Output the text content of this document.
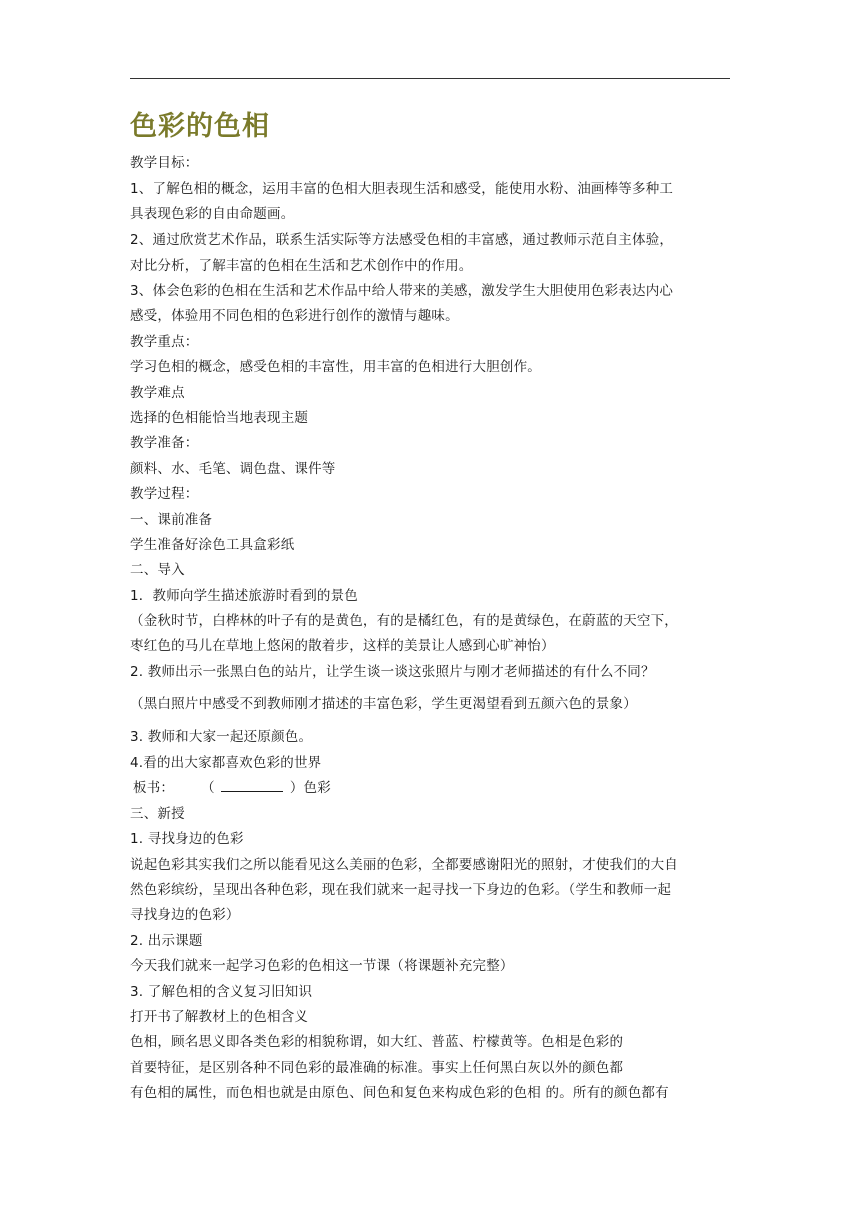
色彩的色相
教学目标：
1、了解色相的概念，运用丰富的色相大胆表现生活和感受，能使用水粉、油画棒等多种工
具表现色彩的自由命题画。
2、通过欣赏艺术作品，联系生活实际等方法感受色相的丰富感，通过教师示范自主体验，
对比分析，了解丰富的色相在生活和艺术创作中的作用。
3、体会色彩的色相在生活和艺术作品中给人带来的美感，激发学生大胆使用色彩表达内心
感受，体验用不同色相的色彩进行创作的激情与趣味。
教学重点：
学习色相的概念，感受色相的丰富性，用丰富的色相进行大胆创作。
教学难点
选择的色相能恰当地表现主题
教学准备：
颜料、水、毛笔、调色盘、课件等
教学过程：
一、课前准备
学生准备好涂色工具盒彩纸
二、导入
1．教师向学生描述旅游时看到的景色
（金秋时节，白桦林的叶子有的是黄色，有的是橘红色，有的是黄绿色，在蔚蓝的天空下，
枣红色的马儿在草地上悠闲的散着步，这样的美景让人感到心旷神怡）
2. 教师出示一张黑白色的站片，让学生谈一谈这张照片与刚才老师描述的有什么不同？
（黑白照片中感受不到教师刚才描述的丰富色彩，学生更渴望看到五颜六色的景象）
3. 教师和大家一起还原颜色。
4.看的出大家都喜欢色彩的世界
板书： （	）色彩
三、新授
1. 寻找身边的色彩
说起色彩其实我们之所以能看见这么美丽的色彩，全都要感谢阳光的照射，才使我们的大自
然色彩缤纷，呈现出各种色彩，现在我们就来一起寻找一下身边的色彩。（学生和教师一起
寻找身边的色彩）
2. 出示课题
今天我们就来一起学习色彩的色相这一节课（将课题补充完整）
3. 了解色相的含义复习旧知识
打开书了解教材上的色相含义
色相，顾名思义即各类色彩的相貌称谓，如大红、普蓝、柠檬黄等。色相是色彩的
首要特征，是区别各种不同色彩的最准确的标准。事实上任何黑白灰以外的颜色都
有色相的属性，而色相也就是由原色、间色和复色来构成色彩的色相 的。所有的颜色都有
